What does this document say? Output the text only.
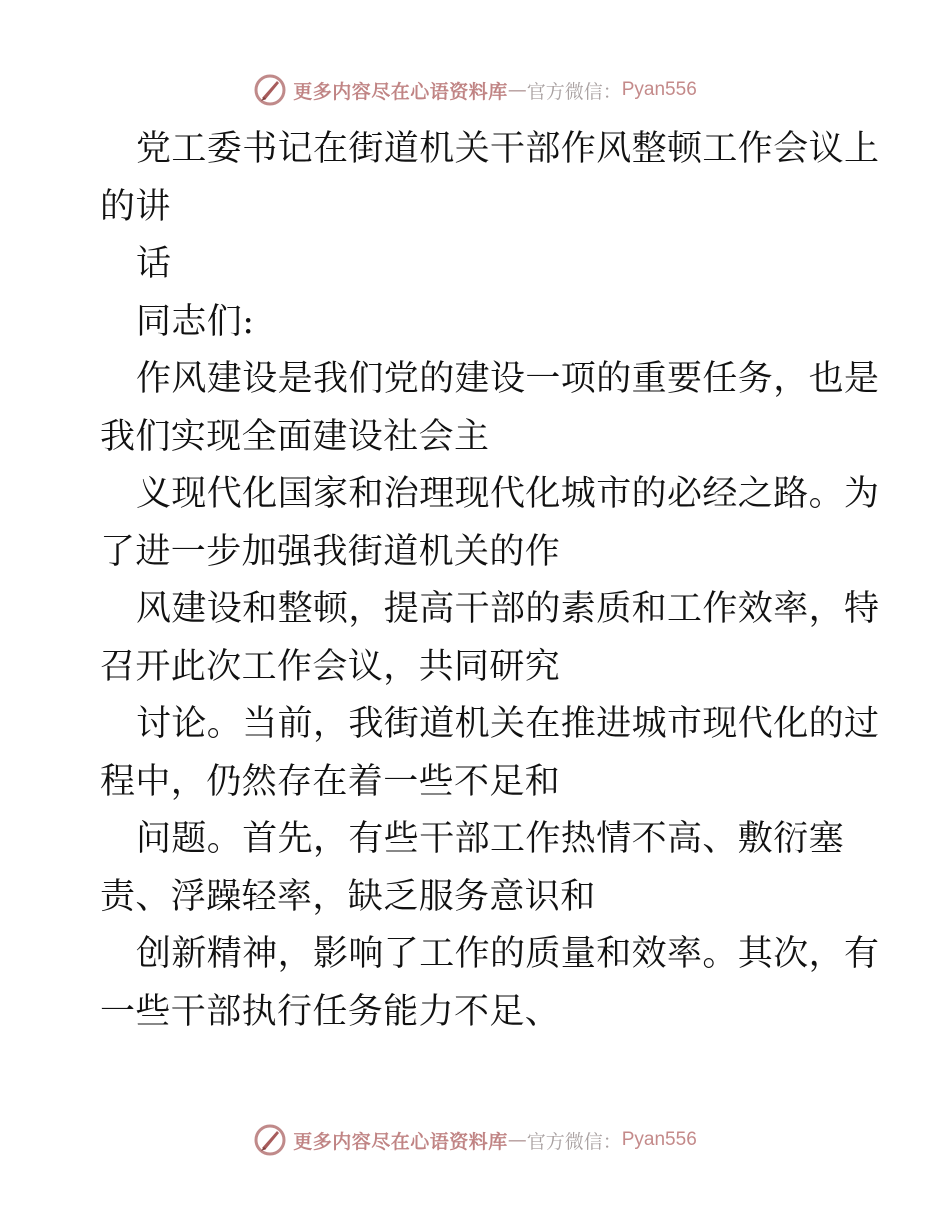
更多内容尽在心语资料库 — 官方微信： Pyan556
党工委书记在街道机关干部作风整顿工作会议上
的讲
话
同志们:
作风建设是我们党的建设一项的重要任务，也是
我们实现全面建设社会主
义现代化国家和治理现代化城市的必经之路。为
了进一步加强我街道机关的作
风建设和整顿，提高干部的素质和工作效率，特
召开此次工作会议，共同研究
讨论。当前，我街道机关在推进城市现代化的过
程中，仍然存在着一些不足和
问题。首先，有些干部工作热情不高、敷衍塞
责、浮躁轻率，缺乏服务意识和
创新精神，影响了工作的质量和效率。其次，有
一些干部执行任务能力不足、
更多内容尽在心语资料库 — 官方微信： Pyan556
